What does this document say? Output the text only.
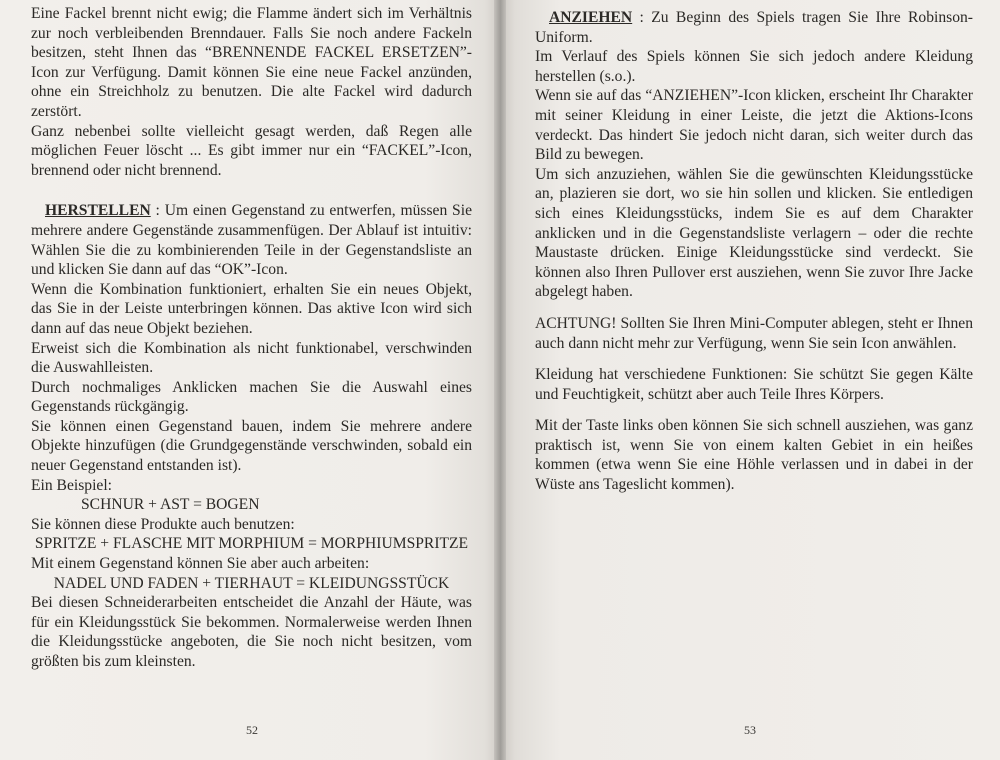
Eine Fackel brennt nicht ewig; die Flamme ändert sich im Verhältnis zur noch verbleibenden Brenndauer. Falls Sie noch andere Fackeln besitzen, steht Ihnen das “BRENNENDE FACKEL ERSETZEN”-Icon zur Verfügung. Damit können Sie eine neue Fackel anzünden, ohne ein Streichholz zu benutzen. Die alte Fackel wird dadurch zerstört.

Ganz nebenbei sollte vielleicht gesagt werden, daß Regen alle möglichen Feuer löscht ... Es gibt immer nur ein “FACKEL”-Icon, brennend oder nicht brennend.

HERSTELLEN : Um einen Gegenstand zu entwerfen, müssen Sie mehrere andere Gegenstände zusammenfügen. Der Ablauf ist intuitiv: Wählen Sie die zu kombinierenden Teile in der Gegenstandsliste an und klicken Sie dann auf das “OK”-Icon.

Wenn die Kombination funktioniert, erhalten Sie ein neues Objekt, das Sie in der Leiste unterbringen können. Das aktive Icon wird sich dann auf das neue Objekt beziehen.

Erweist sich die Kombination als nicht funktionabel, verschwinden die Auswahlleisten.

Durch nochmaliges Anklicken machen Sie die Auswahl eines Gegenstands rückgängig.

Sie können einen Gegenstand bauen, indem Sie mehrere andere Objekte hinzufügen (die Grundgegenstände verschwinden, sobald ein neuer Gegenstand entstanden ist).

Ein Beispiel:

SCHNUR + AST = BOGEN

Sie können diese Produkte auch benutzen:

SPRITZE + FLASCHE MIT MORPHIUM = MORPHIUMSPRITZE

Mit einem Gegenstand können Sie aber auch arbeiten:

NADEL UND FADEN + TIERHAUT = KLEIDUNGSSTÜCK

Bei diesen Schneiderarbeiten entscheidet die Anzahl der Häute, was für ein Kleidungsstück Sie bekommen. Normalerweise werden Ihnen die Kleidungsstücke angeboten, die Sie noch nicht besitzen, vom größten bis zum kleinsten.

52

ANZIEHEN : Zu Beginn des Spiels tragen Sie Ihre Robinson-Uniform.

Im Verlauf des Spiels können Sie sich jedoch andere Kleidung herstellen (s.o.).

Wenn sie auf das “ANZIEHEN”-Icon klicken, erscheint Ihr Charakter mit seiner Kleidung in einer Leiste, die jetzt die Aktions-Icons verdeckt. Das hindert Sie jedoch nicht daran, sich weiter durch das Bild zu bewegen.

Um sich anzuziehen, wählen Sie die gewünschten Kleidungsstücke an, plazieren sie dort, wo sie hin sollen und klicken. Sie entledigen sich eines Kleidungsstücks, indem Sie es auf dem Charakter anklicken und in die Gegenstandsliste verlagern – oder die rechte Maustaste drücken. Einige Kleidungsstücke sind verdeckt. Sie können also Ihren Pullover erst ausziehen, wenn Sie zuvor Ihre Jacke abgelegt haben.

ACHTUNG! Sollten Sie Ihren Mini-Computer ablegen, steht er Ihnen auch dann nicht mehr zur Verfügung, wenn Sie sein Icon anwählen.

Kleidung hat verschiedene Funktionen: Sie schützt Sie gegen Kälte und Feuchtigkeit, schützt aber auch Teile Ihres Körpers.

Mit der Taste links oben können Sie sich schnell ausziehen, was ganz praktisch ist, wenn Sie von einem kalten Gebiet in ein heißes kommen (etwa wenn Sie eine Höhle verlassen und in dabei in der Wüste ans Tageslicht kommen).

53
